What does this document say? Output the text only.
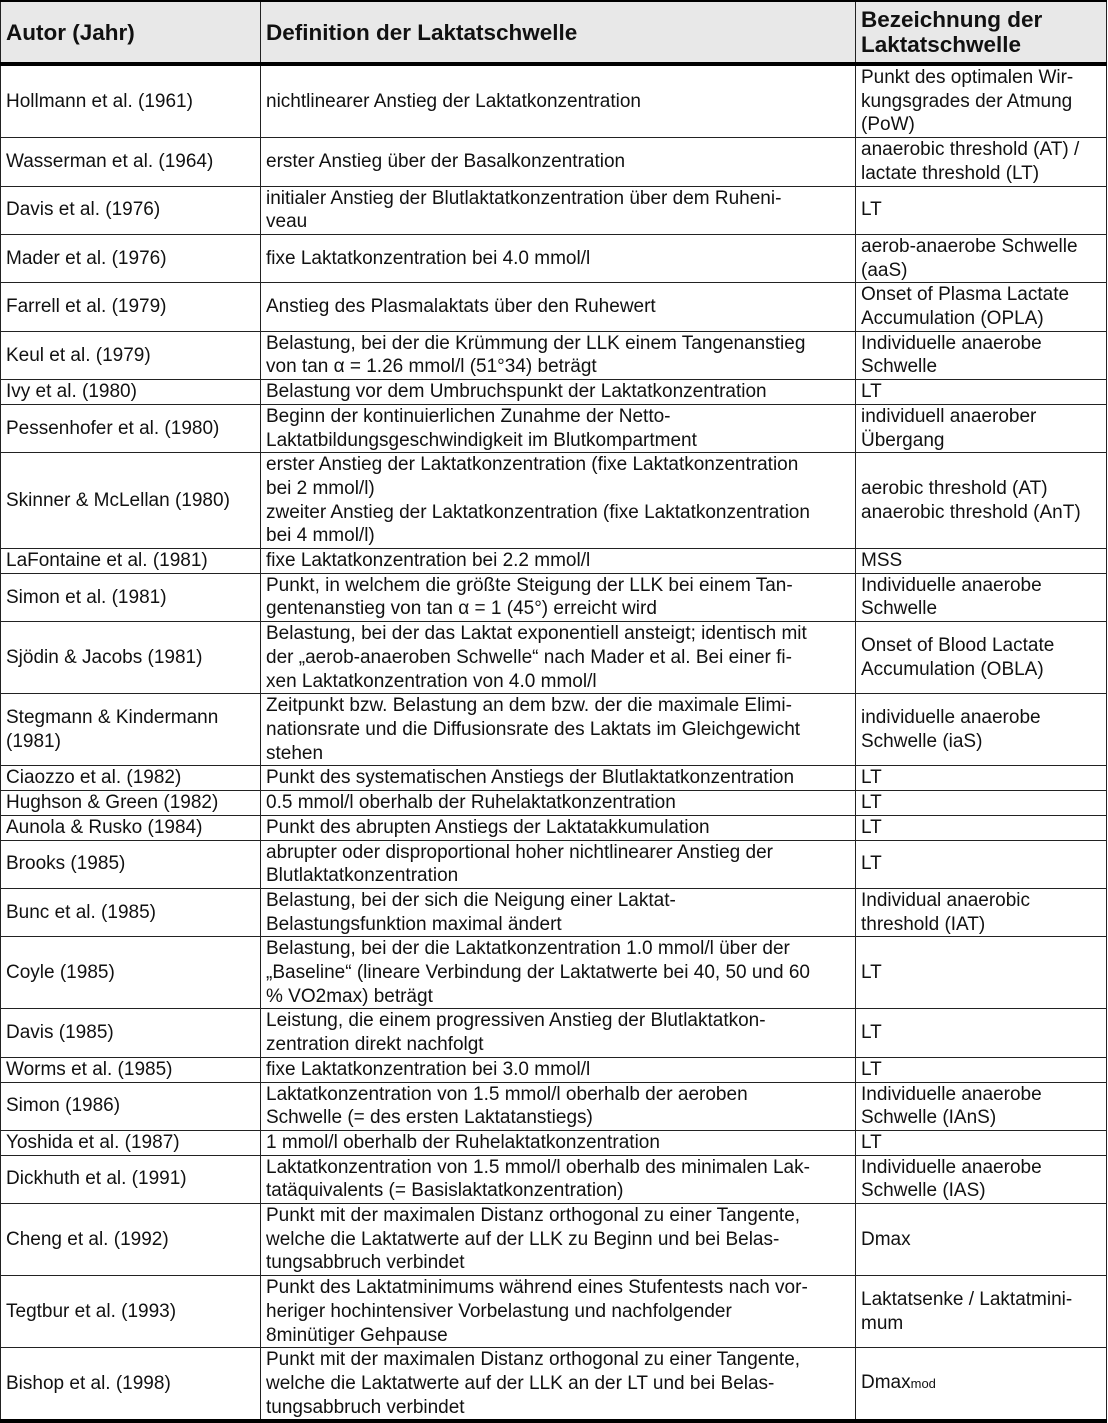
Autor (Jahr)	Definition der Laktatschwelle	Bezeichnung der
Laktatschwelle
Hollmann et al. (1961)	nichtlinearer Anstieg der Laktatkonzentration	Punkt des optimalen Wir-
kungsgrades der Atmung
(PoW)
Wasserman et al. (1964)	erster Anstieg über der Basalkonzentration	anaerobic threshold (AT) /
lactate threshold (LT)
Davis et al. (1976)	initialer Anstieg der Blutlaktatkonzentration über dem Ruheni-
veau	LT
Mader et al. (1976)	fixe Laktatkonzentration bei 4.0 mmol/l	aerob-anaerobe Schwelle
(aaS)
Farrell et al. (1979)	Anstieg des Plasmalaktats über den Ruhewert	Onset of Plasma Lactate
Accumulation (OPLA)
Keul et al. (1979)	Belastung, bei der die Krümmung der LLK einem Tangenanstieg
von tan α = 1.26 mmol/l (51°34) beträgt	Individuelle anaerobe
Schwelle
Ivy et al. (1980)	Belastung vor dem Umbruchspunkt der Laktatkonzentration	LT
Pessenhofer et al. (1980)	Beginn der kontinuierlichen Zunahme der Netto-
Laktatbildungsgeschwindigkeit im Blutkompartment	individuell anaerober
Übergang
Skinner & McLellan (1980)	erster Anstieg der Laktatkonzentration (fixe Laktatkonzentration
bei 2 mmol/l)
zweiter Anstieg der Laktatkonzentration (fixe Laktatkonzentration
bei 4 mmol/l)	aerobic threshold (AT)
anaerobic threshold (AnT)
LaFontaine et al. (1981)	fixe Laktatkonzentration bei 2.2 mmol/l	MSS
Simon et al. (1981)	Punkt, in welchem die größte Steigung der LLK bei einem Tan-
gentenanstieg von tan α = 1 (45°) erreicht wird	Individuelle anaerobe
Schwelle
Sjödin & Jacobs (1981)	Belastung, bei der das Laktat exponentiell ansteigt; identisch mit
der „aerob-anaeroben Schwelle“ nach Mader et al. Bei einer fi-
xen Laktatkonzentration von 4.0 mmol/l	Onset of Blood Lactate
Accumulation (OBLA)
Stegmann & Kindermann
(1981)	Zeitpunkt bzw. Belastung an dem bzw. der die maximale Elimi-
nationsrate und die Diffusionsrate des Laktats im Gleichgewicht
stehen	individuelle anaerobe
Schwelle (iaS)
Ciaozzo et al. (1982)	Punkt des systematischen Anstiegs der Blutlaktatkonzentration	LT
Hughson & Green (1982)	0.5 mmol/l oberhalb der Ruhelaktatkonzentration	LT
Aunola & Rusko (1984)	Punkt des abrupten Anstiegs der Laktatakkumulation	LT
Brooks (1985)	abrupter oder disproportional hoher nichtlinearer Anstieg der
Blutlaktatkonzentration	LT
Bunc et al. (1985)	Belastung, bei der sich die Neigung einer Laktat-
Belastungsfunktion maximal ändert	Individual anaerobic
threshold (IAT)
Coyle (1985)	Belastung, bei der die Laktatkonzentration 1.0 mmol/l über der
„Baseline“ (lineare Verbindung der Laktatwerte bei 40, 50 und 60
% VO2max) beträgt	LT
Davis (1985)	Leistung, die einem progressiven Anstieg der Blutlaktatkon-
zentration direkt nachfolgt	LT
Worms et al. (1985)	fixe Laktatkonzentration bei 3.0 mmol/l	LT
Simon (1986)	Laktatkonzentration von 1.5 mmol/l oberhalb der aeroben
Schwelle (= des ersten Laktatanstiegs)	Individuelle anaerobe
Schwelle (IAnS)
Yoshida et al. (1987)	1 mmol/l oberhalb der Ruhelaktatkonzentration	LT
Dickhuth et al. (1991)	Laktatkonzentration von 1.5 mmol/l oberhalb des minimalen Lak-
tatäquivalents (= Basislaktatkonzentration)	Individuelle anaerobe
Schwelle (IAS)
Cheng et al. (1992)	Punkt mit der maximalen Distanz orthogonal zu einer Tangente,
welche die Laktatwerte auf der LLK zu Beginn und bei Belas-
tungsabbruch verbindet	Dmax
Tegtbur et al. (1993)	Punkt des Laktatminimums während eines Stufentests nach vor-
heriger hochintensiver Vorbelastung und nachfolgender
8minütiger Gehpause	Laktatsenke / Laktatmini-
mum
Bishop et al. (1998)	Punkt mit der maximalen Distanz orthogonal zu einer Tangente,
welche die Laktatwerte auf der LLK an der LT und bei Belas-
tungsabbruch verbindet	Dmaxmod
